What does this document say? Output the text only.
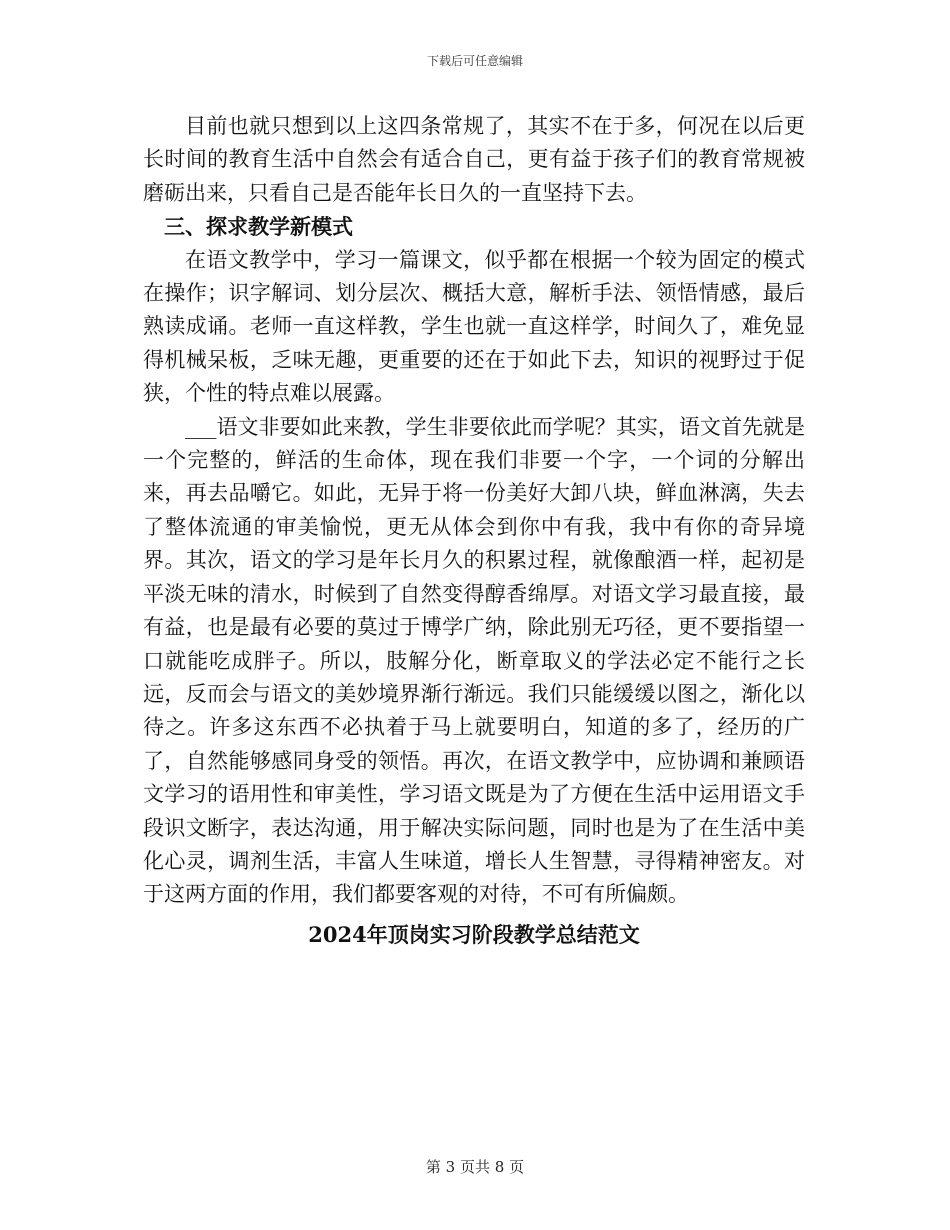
下载后可任意编辑

目前也就只想到以上这四条常规了，其实不在于多，何况在以后更长时间的教育生活中自然会有适合自己，更有益于孩子们的教育常规被磨砺出来，只看自己是否能年长日久的一直坚持下去。

三、探求教学新模式

在语文教学中，学习一篇课文，似乎都在根据一个较为固定的模式在操作；识字解词、划分层次、概括大意，解析手法、领悟情感，最后熟读成诵。老师一直这样教，学生也就一直这样学，时间久了，难免显得机械呆板，乏味无趣，更重要的还在于如此下去，知识的视野过于促狭，个性的特点难以展露。

___语文非要如此来教，学生非要依此而学呢？其实，语文首先就是一个完整的，鲜活的生命体，现在我们非要一个字，一个词的分解出来，再去品嚼它。如此，无异于将一份美好大卸八块，鲜血淋漓，失去了整体流通的审美愉悦，更无从体会到你中有我，我中有你的奇异境界。其次，语文的学习是年长月久的积累过程，就像酿酒一样，起初是平淡无味的清水，时候到了自然变得醇香绵厚。对语文学习最直接，最有益，也是最有必要的莫过于博学广纳，除此别无巧径，更不要指望一口就能吃成胖子。所以，肢解分化，断章取义的学法必定不能行之长远，反而会与语文的美妙境界渐行渐远。我们只能缓缓以图之，渐化以待之。许多这东西不必执着于马上就要明白，知道的多了，经历的广了，自然能够感同身受的领悟。再次，在语文教学中，应协调和兼顾语文学习的语用性和审美性，学习语文既是为了方便在生活中运用语文手段识文断字，表达沟通，用于解决实际问题，同时也是为了在生活中美化心灵，调剂生活，丰富人生味道，增长人生智慧，寻得精神密友。对于这两方面的作用，我们都要客观的对待，不可有所偏颇。

2024年顶岗实习阶段教学总结范文

第 3 页共 8 页
